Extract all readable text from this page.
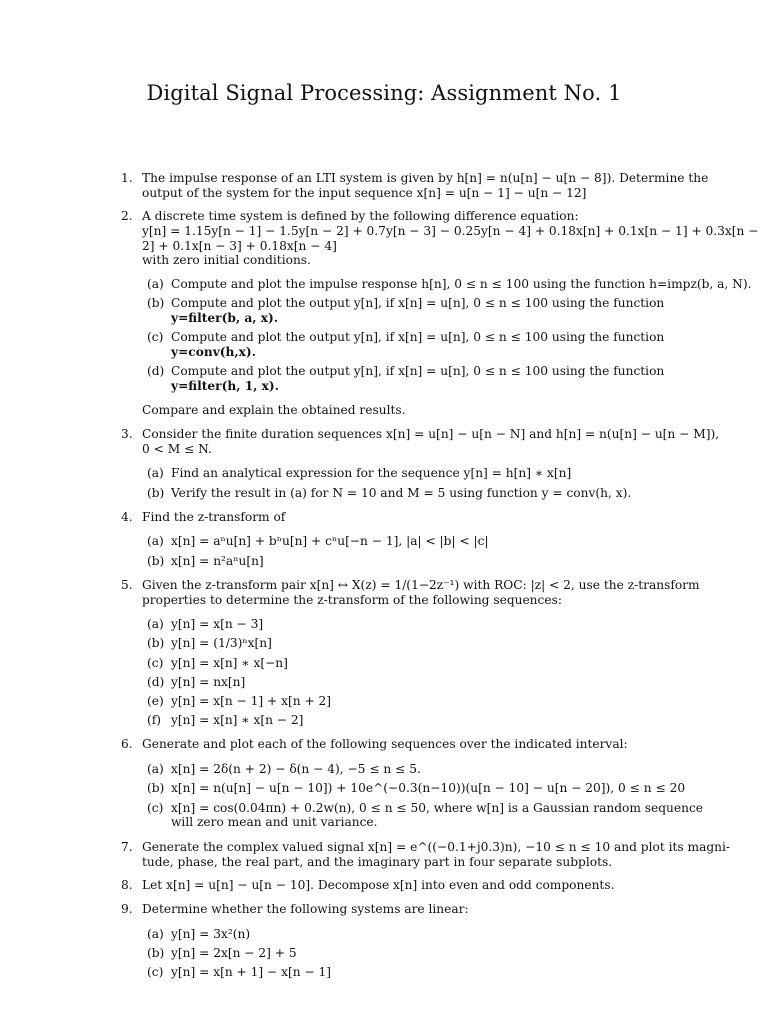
Digital Signal Processing: Assignment No. 1
1. The impulse response of an LTI system is given by h[n] = n(u[n] − u[n − 8]). Determine the
output of the system for the input sequence x[n] = u[n − 1] − u[n − 12]
2. A discrete time system is defined by the following difference equation:
y[n] = 1.15y[n − 1] − 1.5y[n − 2] + 0.7y[n − 3] − 0.25y[n − 4] + 0.18x[n] + 0.1x[n − 1] + 0.3x[n −
2] + 0.1x[n − 3] + 0.18x[n − 4]
with zero initial conditions.
(a) Compute and plot the impulse response h[n], 0 ≤ n ≤ 100 using the function h=impz(b, a, N).
(b) Compute and plot the output y[n], if x[n] = u[n], 0 ≤ n ≤ 100 using the function
y=filter(b, a, x).
(c) Compute and plot the output y[n], if x[n] = u[n], 0 ≤ n ≤ 100 using the function
y=conv(h,x).
(d) Compute and plot the output y[n], if x[n] = u[n], 0 ≤ n ≤ 100 using the function
y=filter(h, 1, x).
Compare and explain the obtained results.
3. Consider the finite duration sequences x[n] = u[n] − u[n − N] and h[n] = n(u[n] − u[n − M]),
0 < M ≤ N.
(a) Find an analytical expression for the sequence y[n] = h[n] ∗ x[n]
(b) Verify the result in (a) for N = 10 and M = 5 using function y = conv(h, x).
4. Find the z-transform of
(a) x[n] = aⁿu[n] + bⁿu[n] + cⁿu[−n − 1], |a| < |b| < |c|
(b) x[n] = n²aⁿu[n]
5. Given the z-transform pair x[n] ↔ X(z) = 1/(1−2z⁻¹) with ROC: |z| < 2, use the z-transform
properties to determine the z-transform of the following sequences:
(a) y[n] = x[n − 3]
(b) y[n] = (1/3)ⁿx[n]
(c) y[n] = x[n] ∗ x[−n]
(d) y[n] = nx[n]
(e) y[n] = x[n − 1] + x[n + 2]
(f) y[n] = x[n] ∗ x[n − 2]
6. Generate and plot each of the following sequences over the indicated interval:
(a) x[n] = 2δ(n + 2) − δ(n − 4), −5 ≤ n ≤ 5.
(b) x[n] = n(u[n] − u[n − 10]) + 10e^(−0.3(n−10))(u[n − 10] − u[n − 20]), 0 ≤ n ≤ 20
(c) x[n] = cos(0.04πn) + 0.2w(n), 0 ≤ n ≤ 50, where w[n] is a Gaussian random sequence
will zero mean and unit variance.
7. Generate the complex valued signal x[n] = e^((−0.1+j0.3)n), −10 ≤ n ≤ 10 and plot its magni-
tude, phase, the real part, and the imaginary part in four separate subplots.
8. Let x[n] = u[n] − u[n − 10]. Decompose x[n] into even and odd components.
9. Determine whether the following systems are linear:
(a) y[n] = 3x²(n)
(b) y[n] = 2x[n − 2] + 5
(c) y[n] = x[n + 1] − x[n − 1]
